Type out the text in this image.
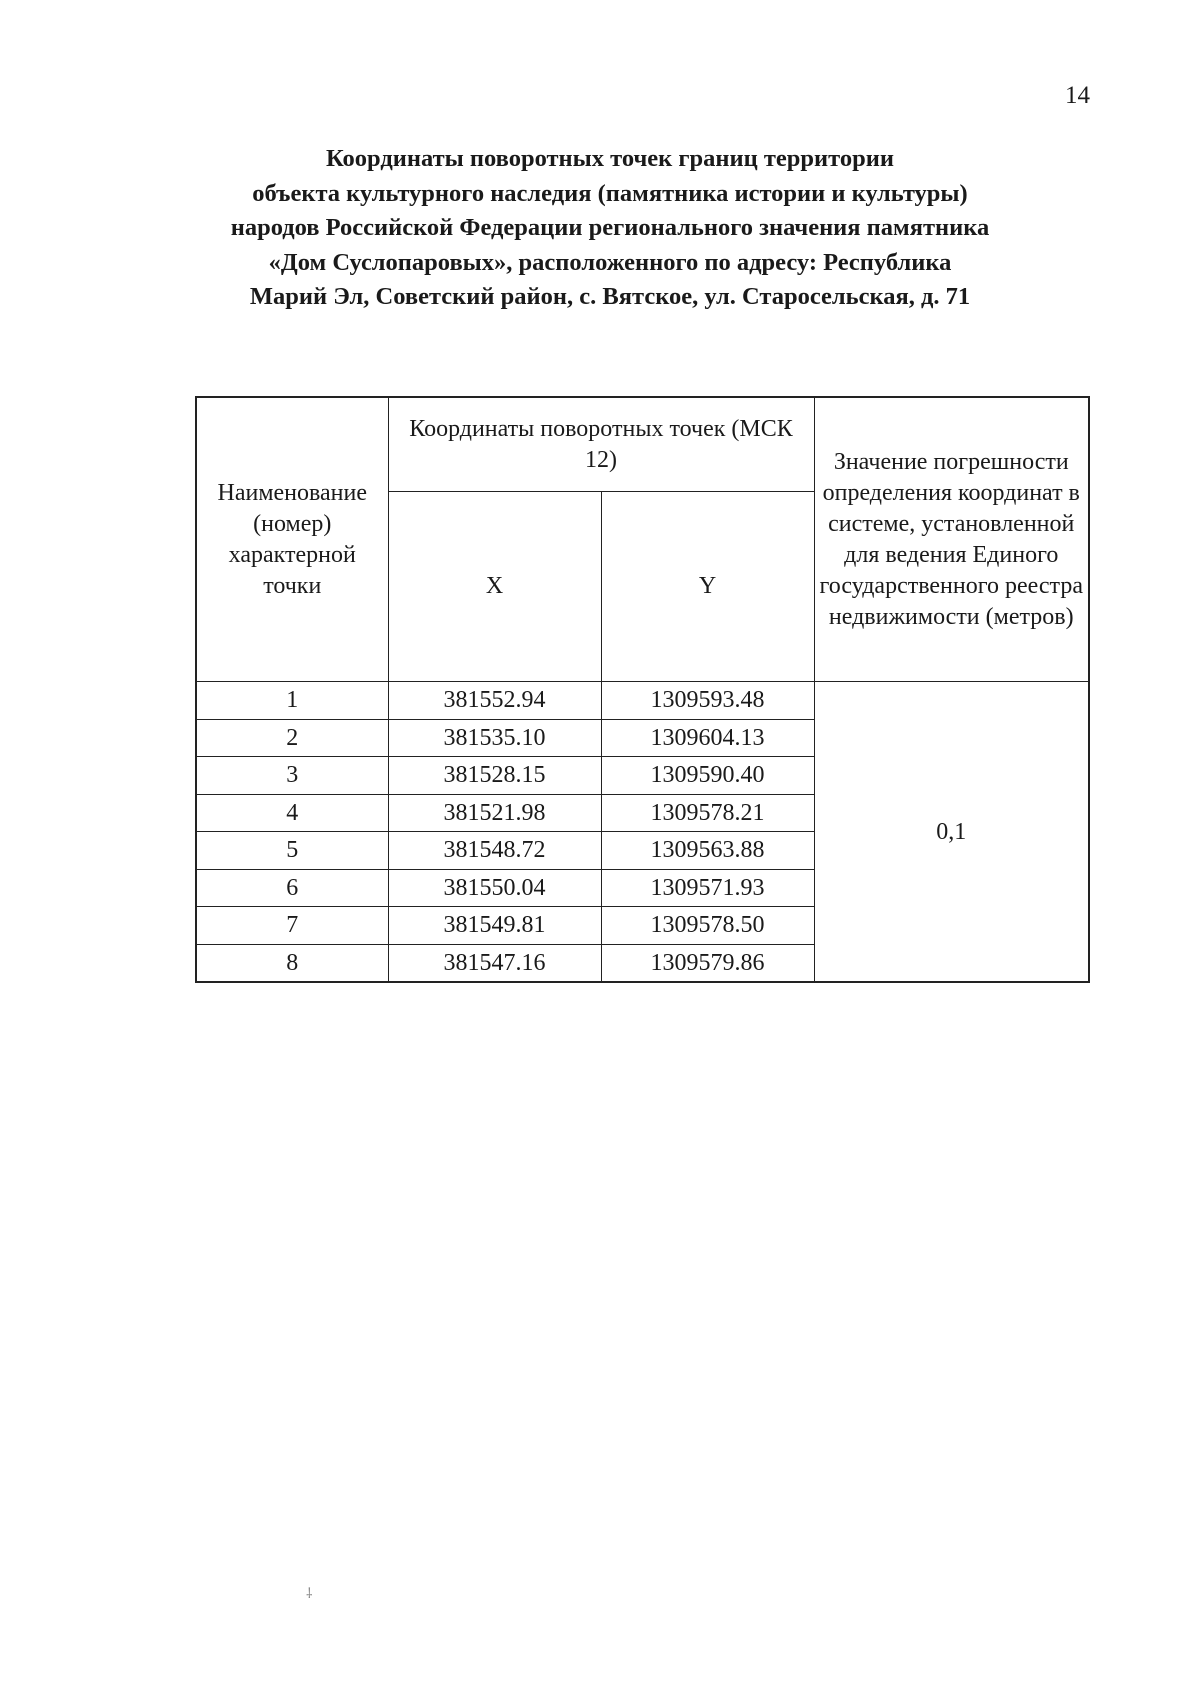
14
Координаты поворотных точек границ территории
объекта культурного наследия (памятника истории и культуры)
народов Российской Федерации регионального значения памятника
«Дом Суслопаровых», расположенного по адресу: Республика
Марий Эл, Советский район, с. Вятское, ул. Старосельская, д. 71
Наименование (номер) характерной точки	Координаты поворотных точек (МСК 12)		Значение погрешности определения координат в системе, установленной для ведения Единого государственного реестра недвижимости (метров)
	X	Y	
1	381552.94	1309593.48	0,1
2	381535.10	1309604.13	
3	381528.15	1309590.40	
4	381521.98	1309578.21	
5	381548.72	1309563.88	
6	381550.04	1309571.93	
7	381549.81	1309578.50	
8	381547.16	1309579.86	
⸸
